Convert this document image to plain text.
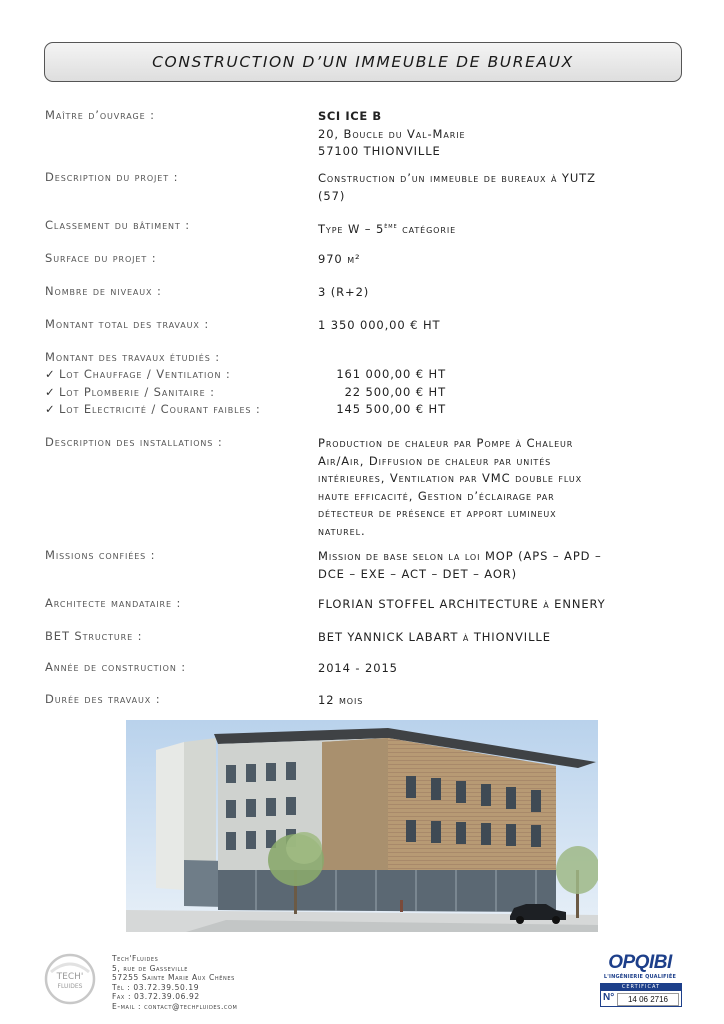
CONSTRUCTION D’UN IMMEUBLE DE BUREAUX
Maître d’ouvrage :	SCI ICE B
20, Boucle du Val-Marie
57100 THIONVILLE
Description du projet :	Construction d’un immeuble de bureaux à YUTZ
(57)
Classement du bâtiment :	Type W – 5ème catégorie
Surface du projet :	970 m²
Nombre de niveaux :	3 (R+2)
Montant total des travaux :	1 350 000,00 € HT
Montant des travaux étudiés :
✓ Lot Chauffage / Ventilation :	161 000,00 € HT
✓ Lot Plomberie / Sanitaire :	22 500,00 € HT
✓ Lot Electricité / Courant faibles :	145 500,00 € HT
Description des installations :	Production de chaleur par Pompe à Chaleur
Air/Air, Diffusion de chaleur par unités
intérieures, Ventilation par VMC double flux
haute efficacité, Gestion d’éclairage par
détecteur de présence et apport lumineux
naturel.
Missions confiées :	Mission de base selon la loi MOP (APS – APD –
DCE – EXE – ACT – DET – AOR)
Architecte mandataire :	FLORIAN STOFFEL ARCHITECTURE à ENNERY
BET Structure :	BET YANNICK LABART à THIONVILLE
Année de construction :	2014 - 2015
Durée des travaux :	12 mois
TECH'
FLUIDES
Tech'Fluides
5, rue de Gasseville
57255 Sainte Marie Aux Chênes
Tél : 03.72.39.50.19
Fax : 03.72.39.06.92
E-mail : contact@techfluides.com
OPQIBI
L'INGÉNIERIE QUALIFIÉE
CERTIFICAT
N°	14 06 2716
